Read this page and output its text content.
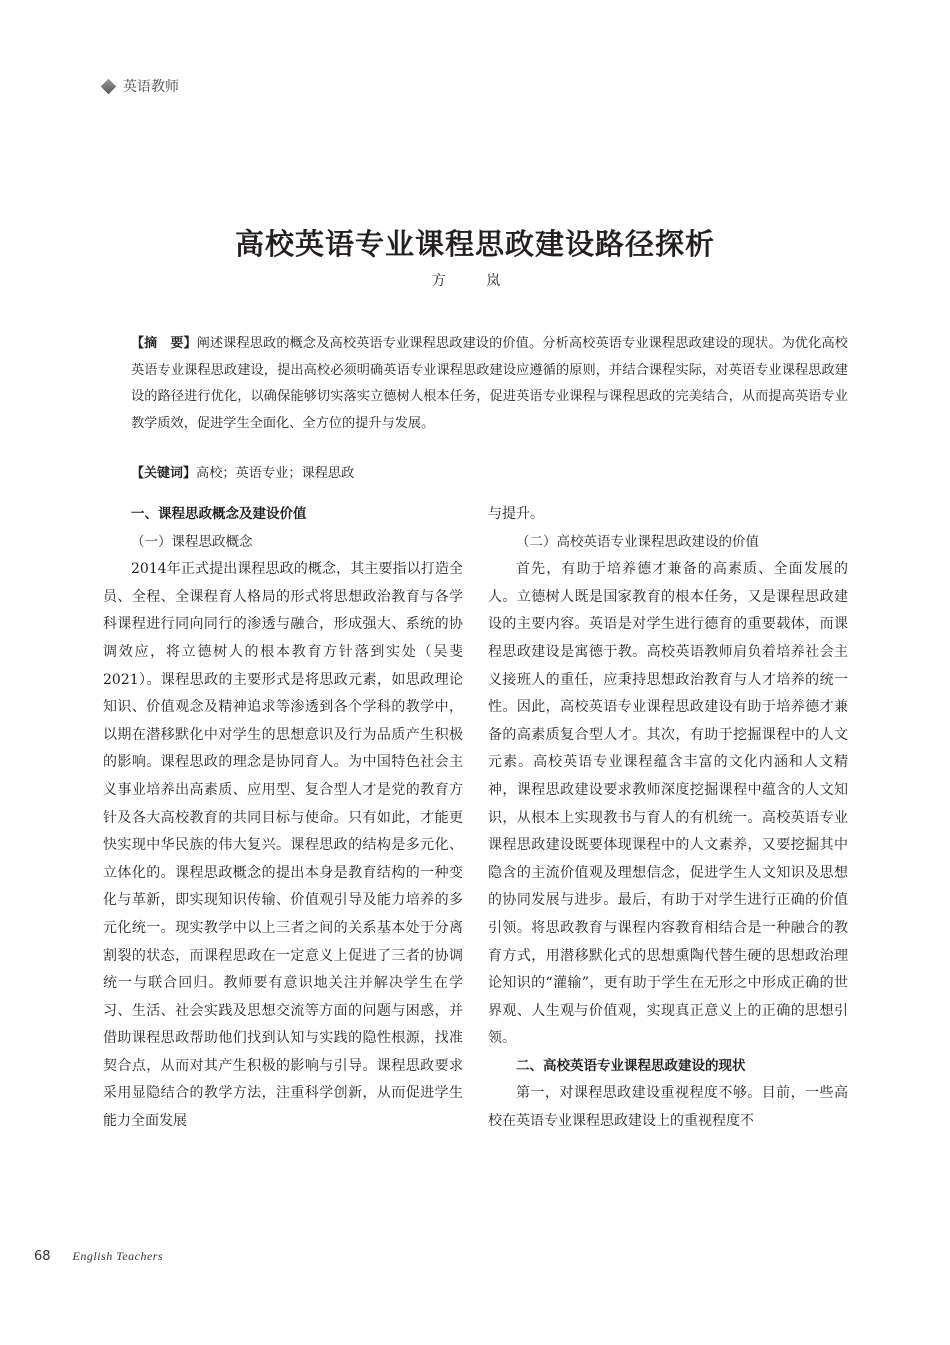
英语教师
高校英语专业课程思政建设路径探析
方 岚
【摘　要】阐述课程思政的概念及高校英语专业课程思政建设的价值。分析高校英语专业课程思政建设的现状。为优化高校英语专业课程思政建设，提出高校必须明确英语专业课程思政建设应遵循的原则，并结合课程实际，对英语专业课程思政建设的路径进行优化，以确保能够切实落实立德树人根本任务，促进英语专业课程与课程思政的完美结合，从而提高英语专业教学质效，促进学生全面化、全方位的提升与发展。
【关键词】高校；英语专业；课程思政
一、课程思政概念及建设价值
（一）课程思政概念
2014年正式提出课程思政的概念，其主要指以打造全员、全程、全课程育人格局的形式将思想政治教育与各学科课程进行同向同行的渗透与融合，形成强大、系统的协调效应，将立德树人的根本教育方针落到实处（吴斐 2021）。课程思政的主要形式是将思政元素，如思政理论知识、价值观念及精神追求等渗透到各个学科的教学中，以期在潜移默化中对学生的思想意识及行为品质产生积极的影响。课程思政的理念是协同育人。为中国特色社会主义事业培养出高素质、应用型、复合型人才是党的教育方针及各大高校教育的共同目标与使命。只有如此，才能更快实现中华民族的伟大复兴。课程思政的结构是多元化、立体化的。课程思政概念的提出本身是教育结构的一种变化与革新，即实现知识传输、价值观引导及能力培养的多元化统一。现实教学中以上三者之间的关系基本处于分离割裂的状态，而课程思政在一定意义上促进了三者的协调统一与联合回归。教师要有意识地关注并解决学生在学习、生活、社会实践及思想交流等方面的问题与困惑，并借助课程思政帮助他们找到认知与实践的隐性根源，找准契合点，从而对其产生积极的影响与引导。课程思政要求采用显隐结合的教学方法，注重科学创新，从而促进学生能力全面发展
与提升。
（二）高校英语专业课程思政建设的价值
首先，有助于培养德才兼备的高素质、全面发展的人。立德树人既是国家教育的根本任务，又是课程思政建设的主要内容。英语是对学生进行德育的重要载体，而课程思政建设是寓德于教。高校英语教师肩负着培养社会主义接班人的重任，应秉持思想政治教育与人才培养的统一性。因此，高校英语专业课程思政建设有助于培养德才兼备的高素质复合型人才。其次，有助于挖掘课程中的人文元素。高校英语专业课程蕴含丰富的文化内涵和人文精神，课程思政建设要求教师深度挖掘课程中蕴含的人文知识，从根本上实现教书与育人的有机统一。高校英语专业课程思政建设既要体现课程中的人文素养，又要挖掘其中隐含的主流价值观及理想信念，促进学生人文知识及思想的协同发展与进步。最后，有助于对学生进行正确的价值引领。将思政教育与课程内容教育相结合是一种融合的教育方式，用潜移默化式的思想熏陶代替生硬的思想政治理论知识的“灌输”，更有助于学生在无形之中形成正确的世界观、人生观与价值观，实现真正意义上的正确的思想引领。
二、高校英语专业课程思政建设的现状
第一，对课程思政建设重视程度不够。目前，一些高校在英语专业课程思政建设上的重视程度不
68 English Teachers
